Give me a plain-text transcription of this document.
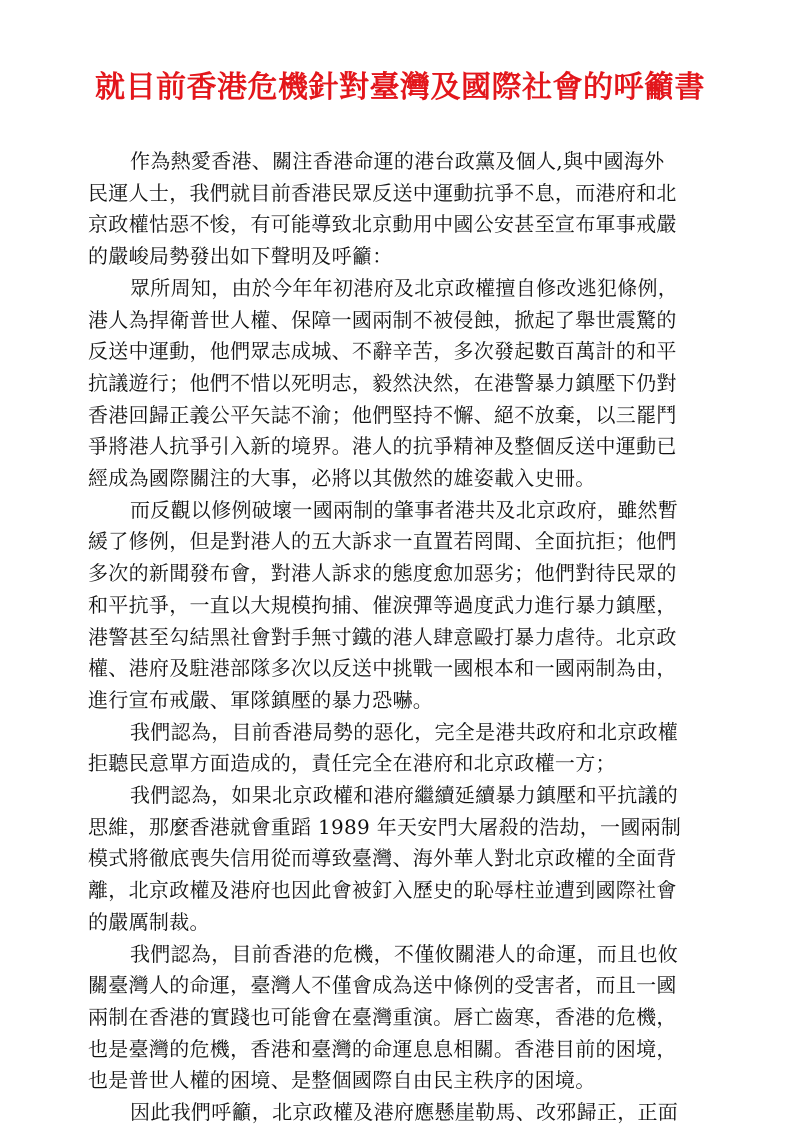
就目前香港危機針對臺灣及國際社會的呼籲書

作為熱愛香港、關注香港命運的港台政黨及個人,與中國海外
民運人士，我們就目前香港民眾反送中運動抗爭不息，而港府和北
京政權怙惡不悛，有可能導致北京動用中國公安甚至宣布軍事戒嚴
的嚴峻局勢發出如下聲明及呼籲：

眾所周知，由於今年年初港府及北京政權擅自修改逃犯條例，
港人為捍衛普世人權、保障一國兩制不被侵蝕，掀起了舉世震驚的
反送中運動，他們眾志成城、不辭辛苦，多次發起數百萬計的和平
抗議遊行；他們不惜以死明志，毅然決然，在港警暴力鎮壓下仍對
香港回歸正義公平矢誌不渝；他們堅持不懈、絕不放棄，以三罷鬥
爭將港人抗爭引入新的境界。港人的抗爭精神及整個反送中運動已
經成為國際關注的大事，必將以其傲然的雄姿載入史冊。

而反觀以修例破壞一國兩制的肇事者港共及北京政府，雖然暫
緩了修例，但是對港人的五大訴求一直置若罔聞、全面抗拒；他們
多次的新聞發布會，對港人訴求的態度愈加惡劣；他們對待民眾的
和平抗爭，一直以大規模拘捕、催淚彈等過度武力進行暴力鎮壓，
港警甚至勾結黑社會對手無寸鐵的港人肆意毆打暴力虐待。北京政
權、港府及駐港部隊多次以反送中挑戰一國根本和一國兩制為由，
進行宣布戒嚴、軍隊鎮壓的暴力恐嚇。

我們認為，目前香港局勢的惡化，完全是港共政府和北京政權
拒聽民意單方面造成的，責任完全在港府和北京政權一方；

我們認為，如果北京政權和港府繼續延續暴力鎮壓和平抗議的
思維，那麼香港就會重蹈 1989 年天安門大屠殺的浩劫，一國兩制
模式將徹底喪失信用從而導致臺灣、海外華人對北京政權的全面背
離，北京政權及港府也因此會被釘入歷史的恥辱柱並遭到國際社會
的嚴厲制裁。

我們認為，目前香港的危機，不僅攸關港人的命運，而且也攸
關臺灣人的命運，臺灣人不僅會成為送中條例的受害者，而且一國
兩制在香港的實踐也可能會在臺灣重演。唇亡齒寒，香港的危機，
也是臺灣的危機，香港和臺灣的命運息息相關。香港目前的困境，
也是普世人權的困境、是整個國際自由民主秩序的困境。

因此我們呼籲，北京政權及港府應懸崖勒馬、改邪歸正，正面
